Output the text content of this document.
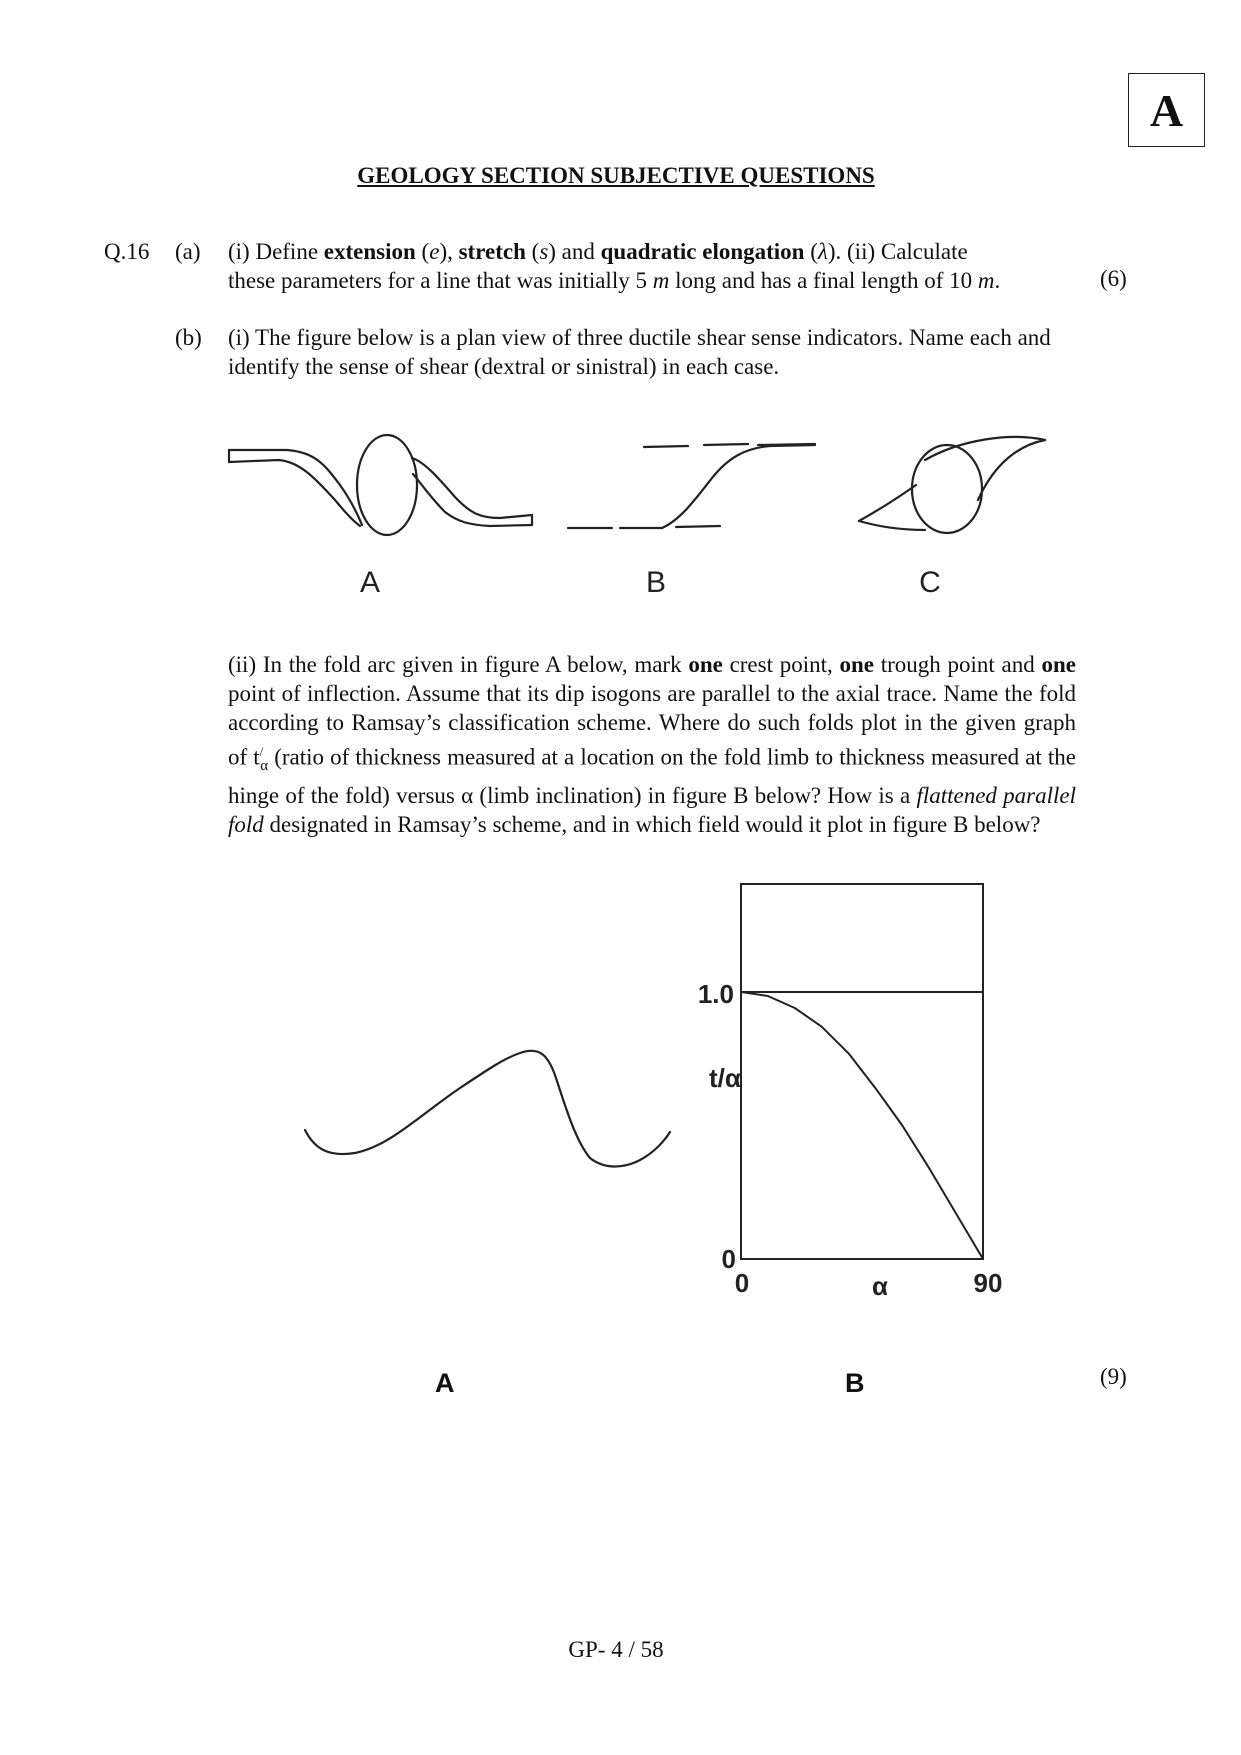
A
GEOLOGY SECTION SUBJECTIVE QUESTIONS
Q.16 (a) (i) Define extension (e), stretch (s) and quadratic elongation (λ). (ii) Calculate
these parameters for a line that was initially 5 m long and has a final length of 10 m.	(6)
(b) (i) The figure below is a plan view of three ductile shear sense indicators. Name each and identify the sense of shear (dextral or sinistral) in each case.
A	B	C
(ii) In the fold arc given in figure A below, mark one crest point, one trough point and one point of inflection. Assume that its dip isogons are parallel to the axial trace. Name the fold according to Ramsay’s classification scheme. Where do such folds plot in the given graph of $t^/_\alpha$ (ratio of thickness measured at a location on the fold limb to thickness measured at the hinge of the fold) versus α (limb inclination) in figure B below? How is a flattened parallel fold designated in Ramsay’s scheme, and in which field would it plot in figure B below?
1.0
0
0	90
α
t/α
A	B	(9)
GP- 4 / 58
